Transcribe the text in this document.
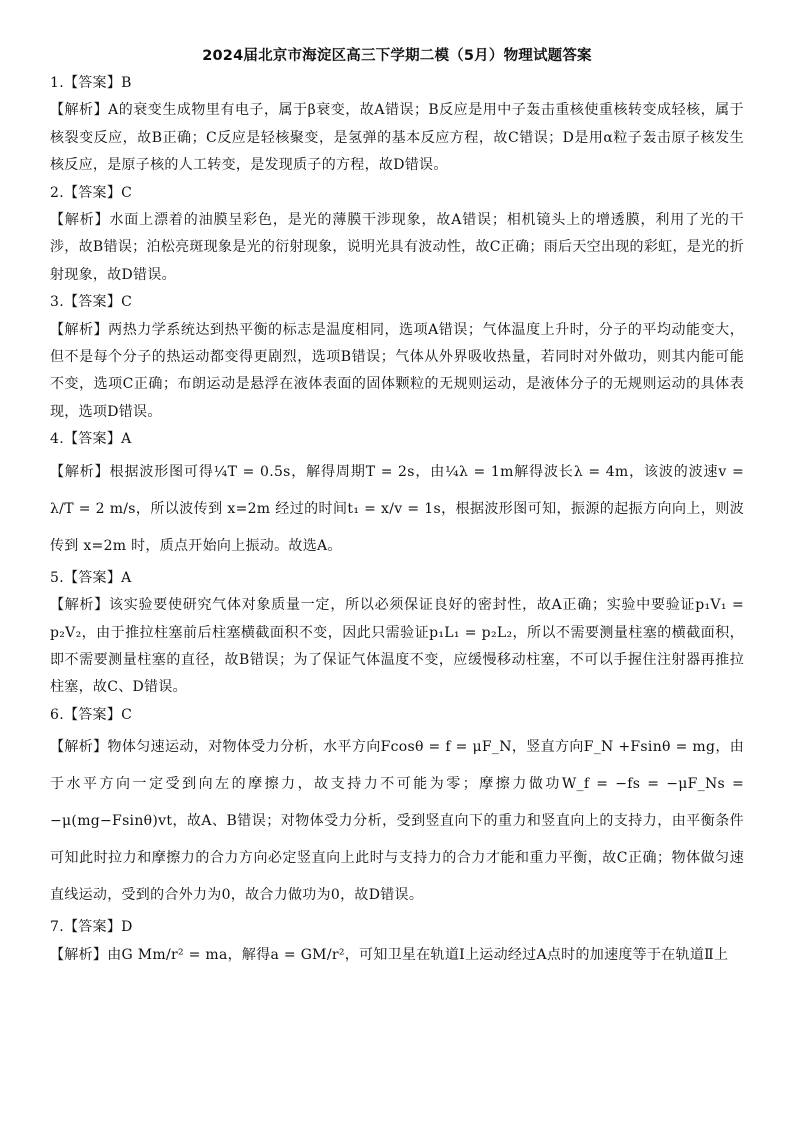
2024届北京市海淀区高三下学期二模（5月）物理试题答案

1.【答案】B

【解析】A的衰变生成物里有电子，属于β衰变，故A错误；B反应是用中子轰击重核使重核转变成轻核，属于核裂变反应，故B正确；C反应是轻核聚变，是氢弹的基本反应方程，故C错误；D是用α粒子轰击原子核发生核反应，是原子核的人工转变，是发现质子的方程，故D错误。

2.【答案】C

【解析】水面上漂着的油膜呈彩色，是光的薄膜干涉现象，故A错误；相机镜头上的增透膜，利用了光的干涉，故B错误；泊松亮斑现象是光的衍射现象，说明光具有波动性，故C正确；雨后天空出现的彩虹，是光的折射现象，故D错误。

3.【答案】C

【解析】两热力学系统达到热平衡的标志是温度相同，选项A错误；气体温度上升时，分子的平均动能变大，但不是每个分子的热运动都变得更剧烈，选项B错误；气体从外界吸收热量，若同时对外做功，则其内能可能不变，选项C正确；布朗运动是悬浮在液体表面的固体颗粒的无规则运动，是液体分子的无规则运动的具体表现，选项D错误。

4.【答案】A

【解析】根据波形图可得¼T = 0.5s，解得周期T = 2s，由¼λ = 1m解得波长λ = 4m，该波的波速v = λ/T = 2 m/s，所以波传到 x=2m 经过的时间t₁ = x/v = 1s，根据波形图可知，振源的起振方向向上，则波传到 x=2m 时，质点开始向上振动。故选A。

5.【答案】A

【解析】该实验要使研究气体对象质量一定，所以必须保证良好的密封性，故A正确；实验中要验证p₁V₁ = p₂V₂，由于推拉柱塞前后柱塞横截面积不变，因此只需验证p₁L₁ = p₂L₂，所以不需要测量柱塞的横截面积，即不需要测量柱塞的直径，故B错误；为了保证气体温度不变，应缓慢移动柱塞，不可以手握住注射器再推拉柱塞，故C、D错误。

6.【答案】C

【解析】物体匀速运动，对物体受力分析，水平方向Fcosθ = f = μF_N，竖直方向F_N +Fsinθ = mg，由于水平方向一定受到向左的摩擦力，故支持力不可能为零；摩擦力做功W_f = −fs = −μF_Ns = −μ(mg−Fsinθ)vt，故A、B错误；对物体受力分析，受到竖直向下的重力和竖直向上的支持力，由平衡条件可知此时拉力和摩擦力的合力方向必定竖直向上此时与支持力的合力才能和重力平衡，故C正确；物体做匀速直线运动，受到的合外力为0，故合力做功为0，故D错误。

7.【答案】D

【解析】由G Mm/r² = ma，解得a = GM/r²，可知卫星在轨道Ⅰ上运动经过A点时的加速度等于在轨道Ⅱ上
